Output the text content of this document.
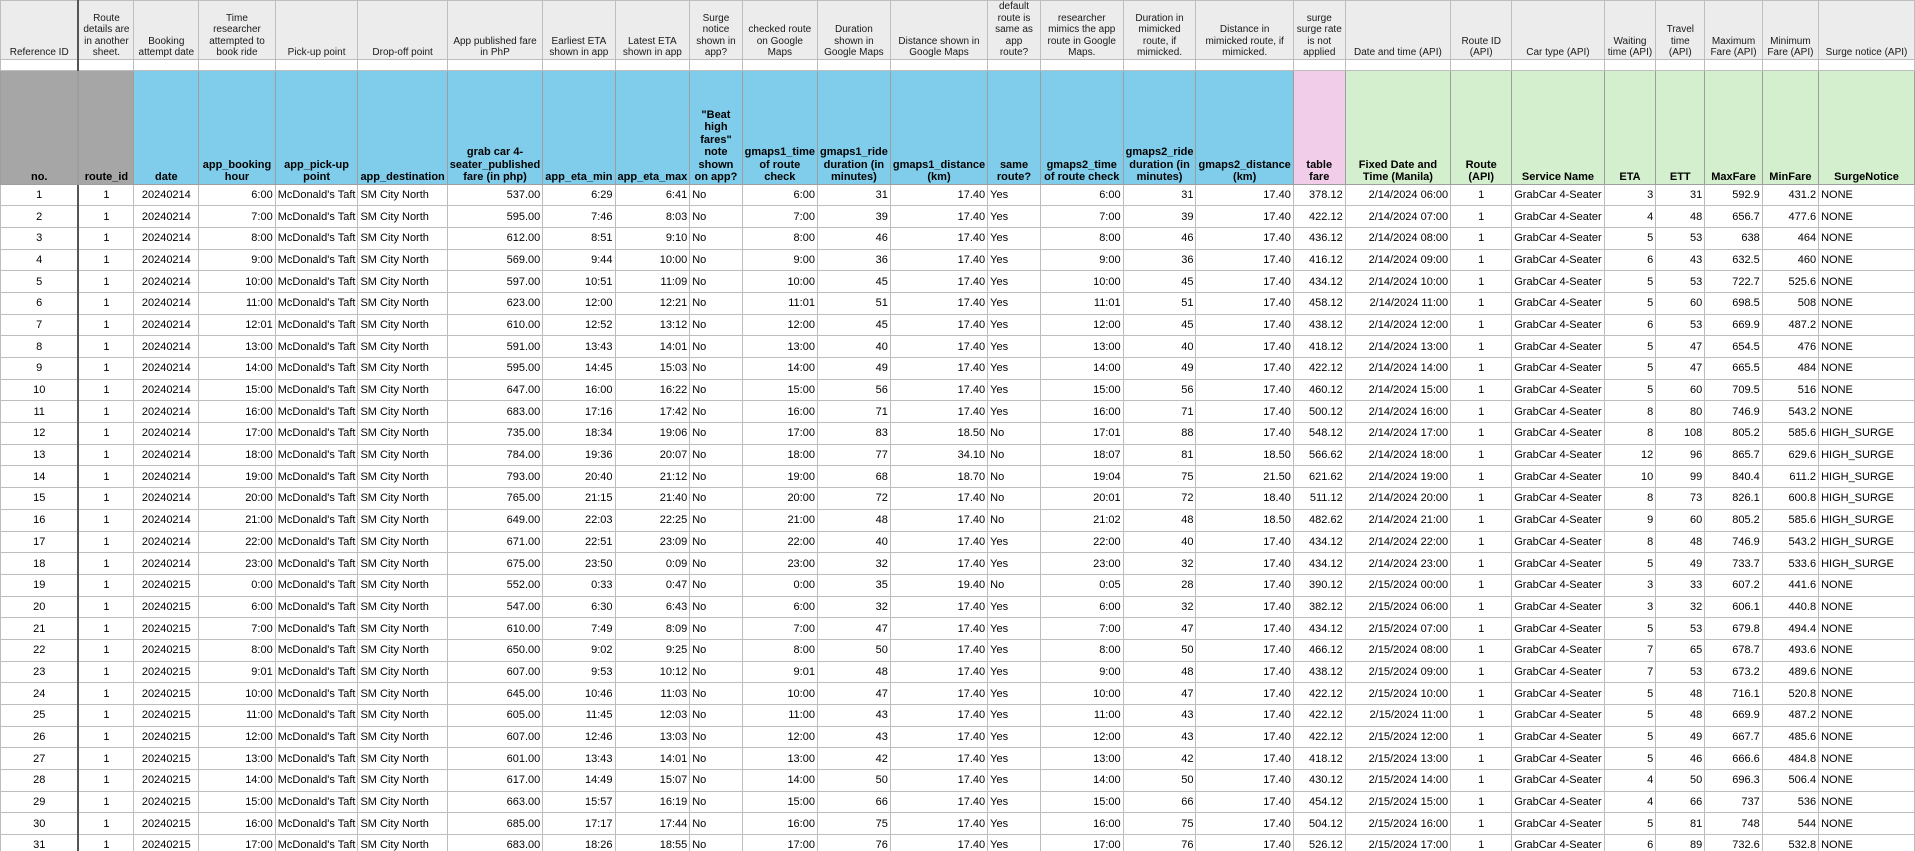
Reference ID	Route details are in another sheet.	Booking attempt date	Time researcher attempted to book ride	Pick-up point	Drop-off point	App published fare in PhP	Earliest ETA shown in app	Latest ETA shown in app	Surge notice shown in app?	checked route on Google Maps	Duration shown in Google Maps	Distance shown in Google Maps	default route is same as app route?	researcher mimics the app route in Google Maps.	Duration in mimicked route, if mimicked.	Distance in mimicked route, if mimicked.	surge surge rate is not applied	Date and time (API)	Route ID (API)	Car type (API)	Waiting time (API)	Travel time (API)	Maximum Fare (API)	Minimum Fare (API)	Surge notice (API)

no.	route_id	date	app_booking hour	app_pick-up point	app_destination	grab car 4-seater_published fare (in php)	app_eta_min	app_eta_max	"Beat high fares" note shown on app?	gmaps1_time of route check	gmaps1_ride duration (in minutes)	gmaps1_distance (km)	same route?	gmaps2_time of route check	gmaps2_ride duration (in minutes)	gmaps2_distance (km)	table fare	Fixed Date and Time (Manila)	Route (API)	Service Name	ETA	ETT	MaxFare	MinFare	SurgeNotice
1	1	20240214	6:00	McDonald's Taft	SM City North	537.00	6:29	6:41	No	6:00	31	17.40	Yes	6:00	31	17.40	378.12	2/14/2024 06:00	1	GrabCar 4-Seater	3	31	592.9	431.2	NONE
2	1	20240214	7:00	McDonald's Taft	SM City North	595.00	7:46	8:03	No	7:00	39	17.40	Yes	7:00	39	17.40	422.12	2/14/2024 07:00	1	GrabCar 4-Seater	4	48	656.7	477.6	NONE
3	1	20240214	8:00	McDonald's Taft	SM City North	612.00	8:51	9:10	No	8:00	46	17.40	Yes	8:00	46	17.40	436.12	2/14/2024 08:00	1	GrabCar 4-Seater	5	53	638	464	NONE
4	1	20240214	9:00	McDonald's Taft	SM City North	569.00	9:44	10:00	No	9:00	36	17.40	Yes	9:00	36	17.40	416.12	2/14/2024 09:00	1	GrabCar 4-Seater	6	43	632.5	460	NONE
5	1	20240214	10:00	McDonald's Taft	SM City North	597.00	10:51	11:09	No	10:00	45	17.40	Yes	10:00	45	17.40	434.12	2/14/2024 10:00	1	GrabCar 4-Seater	5	53	722.7	525.6	NONE
6	1	20240214	11:00	McDonald's Taft	SM City North	623.00	12:00	12:21	No	11:01	51	17.40	Yes	11:01	51	17.40	458.12	2/14/2024 11:00	1	GrabCar 4-Seater	5	60	698.5	508	NONE
7	1	20240214	12:01	McDonald's Taft	SM City North	610.00	12:52	13:12	No	12:00	45	17.40	Yes	12:00	45	17.40	438.12	2/14/2024 12:00	1	GrabCar 4-Seater	6	53	669.9	487.2	NONE
8	1	20240214	13:00	McDonald's Taft	SM City North	591.00	13:43	14:01	No	13:00	40	17.40	Yes	13:00	40	17.40	418.12	2/14/2024 13:00	1	GrabCar 4-Seater	5	47	654.5	476	NONE
9	1	20240214	14:00	McDonald's Taft	SM City North	595.00	14:45	15:03	No	14:00	49	17.40	Yes	14:00	49	17.40	422.12	2/14/2024 14:00	1	GrabCar 4-Seater	5	47	665.5	484	NONE
10	1	20240214	15:00	McDonald's Taft	SM City North	647.00	16:00	16:22	No	15:00	56	17.40	Yes	15:00	56	17.40	460.12	2/14/2024 15:00	1	GrabCar 4-Seater	5	60	709.5	516	NONE
11	1	20240214	16:00	McDonald's Taft	SM City North	683.00	17:16	17:42	No	16:00	71	17.40	Yes	16:00	71	17.40	500.12	2/14/2024 16:00	1	GrabCar 4-Seater	8	80	746.9	543.2	NONE
12	1	20240214	17:00	McDonald's Taft	SM City North	735.00	18:34	19:06	No	17:00	83	18.50	No	17:01	88	17.40	548.12	2/14/2024 17:00	1	GrabCar 4-Seater	8	108	805.2	585.6	HIGH_SURGE
13	1	20240214	18:00	McDonald's Taft	SM City North	784.00	19:36	20:07	No	18:00	77	34.10	No	18:07	81	18.50	566.62	2/14/2024 18:00	1	GrabCar 4-Seater	12	96	865.7	629.6	HIGH_SURGE
14	1	20240214	19:00	McDonald's Taft	SM City North	793.00	20:40	21:12	No	19:00	68	18.70	No	19:04	75	21.50	621.62	2/14/2024 19:00	1	GrabCar 4-Seater	10	99	840.4	611.2	HIGH_SURGE
15	1	20240214	20:00	McDonald's Taft	SM City North	765.00	21:15	21:40	No	20:00	72	17.40	No	20:01	72	18.40	511.12	2/14/2024 20:00	1	GrabCar 4-Seater	8	73	826.1	600.8	HIGH_SURGE
16	1	20240214	21:00	McDonald's Taft	SM City North	649.00	22:03	22:25	No	21:00	48	17.40	No	21:02	48	18.50	482.62	2/14/2024 21:00	1	GrabCar 4-Seater	9	60	805.2	585.6	HIGH_SURGE
17	1	20240214	22:00	McDonald's Taft	SM City North	671.00	22:51	23:09	No	22:00	40	17.40	Yes	22:00	40	17.40	434.12	2/14/2024 22:00	1	GrabCar 4-Seater	8	48	746.9	543.2	HIGH_SURGE
18	1	20240214	23:00	McDonald's Taft	SM City North	675.00	23:50	0:09	No	23:00	32	17.40	Yes	23:00	32	17.40	434.12	2/14/2024 23:00	1	GrabCar 4-Seater	5	49	733.7	533.6	HIGH_SURGE
19	1	20240215	0:00	McDonald's Taft	SM City North	552.00	0:33	0:47	No	0:00	35	19.40	No	0:05	28	17.40	390.12	2/15/2024 00:00	1	GrabCar 4-Seater	3	33	607.2	441.6	NONE
20	1	20240215	6:00	McDonald's Taft	SM City North	547.00	6:30	6:43	No	6:00	32	17.40	Yes	6:00	32	17.40	382.12	2/15/2024 06:00	1	GrabCar 4-Seater	3	32	606.1	440.8	NONE
21	1	20240215	7:00	McDonald's Taft	SM City North	610.00	7:49	8:09	No	7:00	47	17.40	Yes	7:00	47	17.40	434.12	2/15/2024 07:00	1	GrabCar 4-Seater	5	53	679.8	494.4	NONE
22	1	20240215	8:00	McDonald's Taft	SM City North	650.00	9:02	9:25	No	8:00	50	17.40	Yes	8:00	50	17.40	466.12	2/15/2024 08:00	1	GrabCar 4-Seater	7	65	678.7	493.6	NONE
23	1	20240215	9:01	McDonald's Taft	SM City North	607.00	9:53	10:12	No	9:01	48	17.40	Yes	9:00	48	17.40	438.12	2/15/2024 09:00	1	GrabCar 4-Seater	7	53	673.2	489.6	NONE
24	1	20240215	10:00	McDonald's Taft	SM City North	645.00	10:46	11:03	No	10:00	47	17.40	Yes	10:00	47	17.40	422.12	2/15/2024 10:00	1	GrabCar 4-Seater	5	48	716.1	520.8	NONE
25	1	20240215	11:00	McDonald's Taft	SM City North	605.00	11:45	12:03	No	11:00	43	17.40	Yes	11:00	43	17.40	422.12	2/15/2024 11:00	1	GrabCar 4-Seater	5	48	669.9	487.2	NONE
26	1	20240215	12:00	McDonald's Taft	SM City North	607.00	12:46	13:03	No	12:00	43	17.40	Yes	12:00	43	17.40	422.12	2/15/2024 12:00	1	GrabCar 4-Seater	5	49	667.7	485.6	NONE
27	1	20240215	13:00	McDonald's Taft	SM City North	601.00	13:43	14:01	No	13:00	42	17.40	Yes	13:00	42	17.40	418.12	2/15/2024 13:00	1	GrabCar 4-Seater	5	46	666.6	484.8	NONE
28	1	20240215	14:00	McDonald's Taft	SM City North	617.00	14:49	15:07	No	14:00	50	17.40	Yes	14:00	50	17.40	430.12	2/15/2024 14:00	1	GrabCar 4-Seater	4	50	696.3	506.4	NONE
29	1	20240215	15:00	McDonald's Taft	SM City North	663.00	15:57	16:19	No	15:00	66	17.40	Yes	15:00	66	17.40	454.12	2/15/2024 15:00	1	GrabCar 4-Seater	4	66	737	536	NONE
30	1	20240215	16:00	McDonald's Taft	SM City North	685.00	17:17	17:44	No	16:00	75	17.40	Yes	16:00	75	17.40	504.12	2/15/2024 16:00	1	GrabCar 4-Seater	5	81	748	544	NONE
31	1	20240215	17:00	McDonald's Taft	SM City North	683.00	18:26	18:55	No	17:00	76	17.40	Yes	17:00	76	17.40	526.12	2/15/2024 17:00	1	GrabCar 4-Seater	6	89	732.6	532.8	NONE
